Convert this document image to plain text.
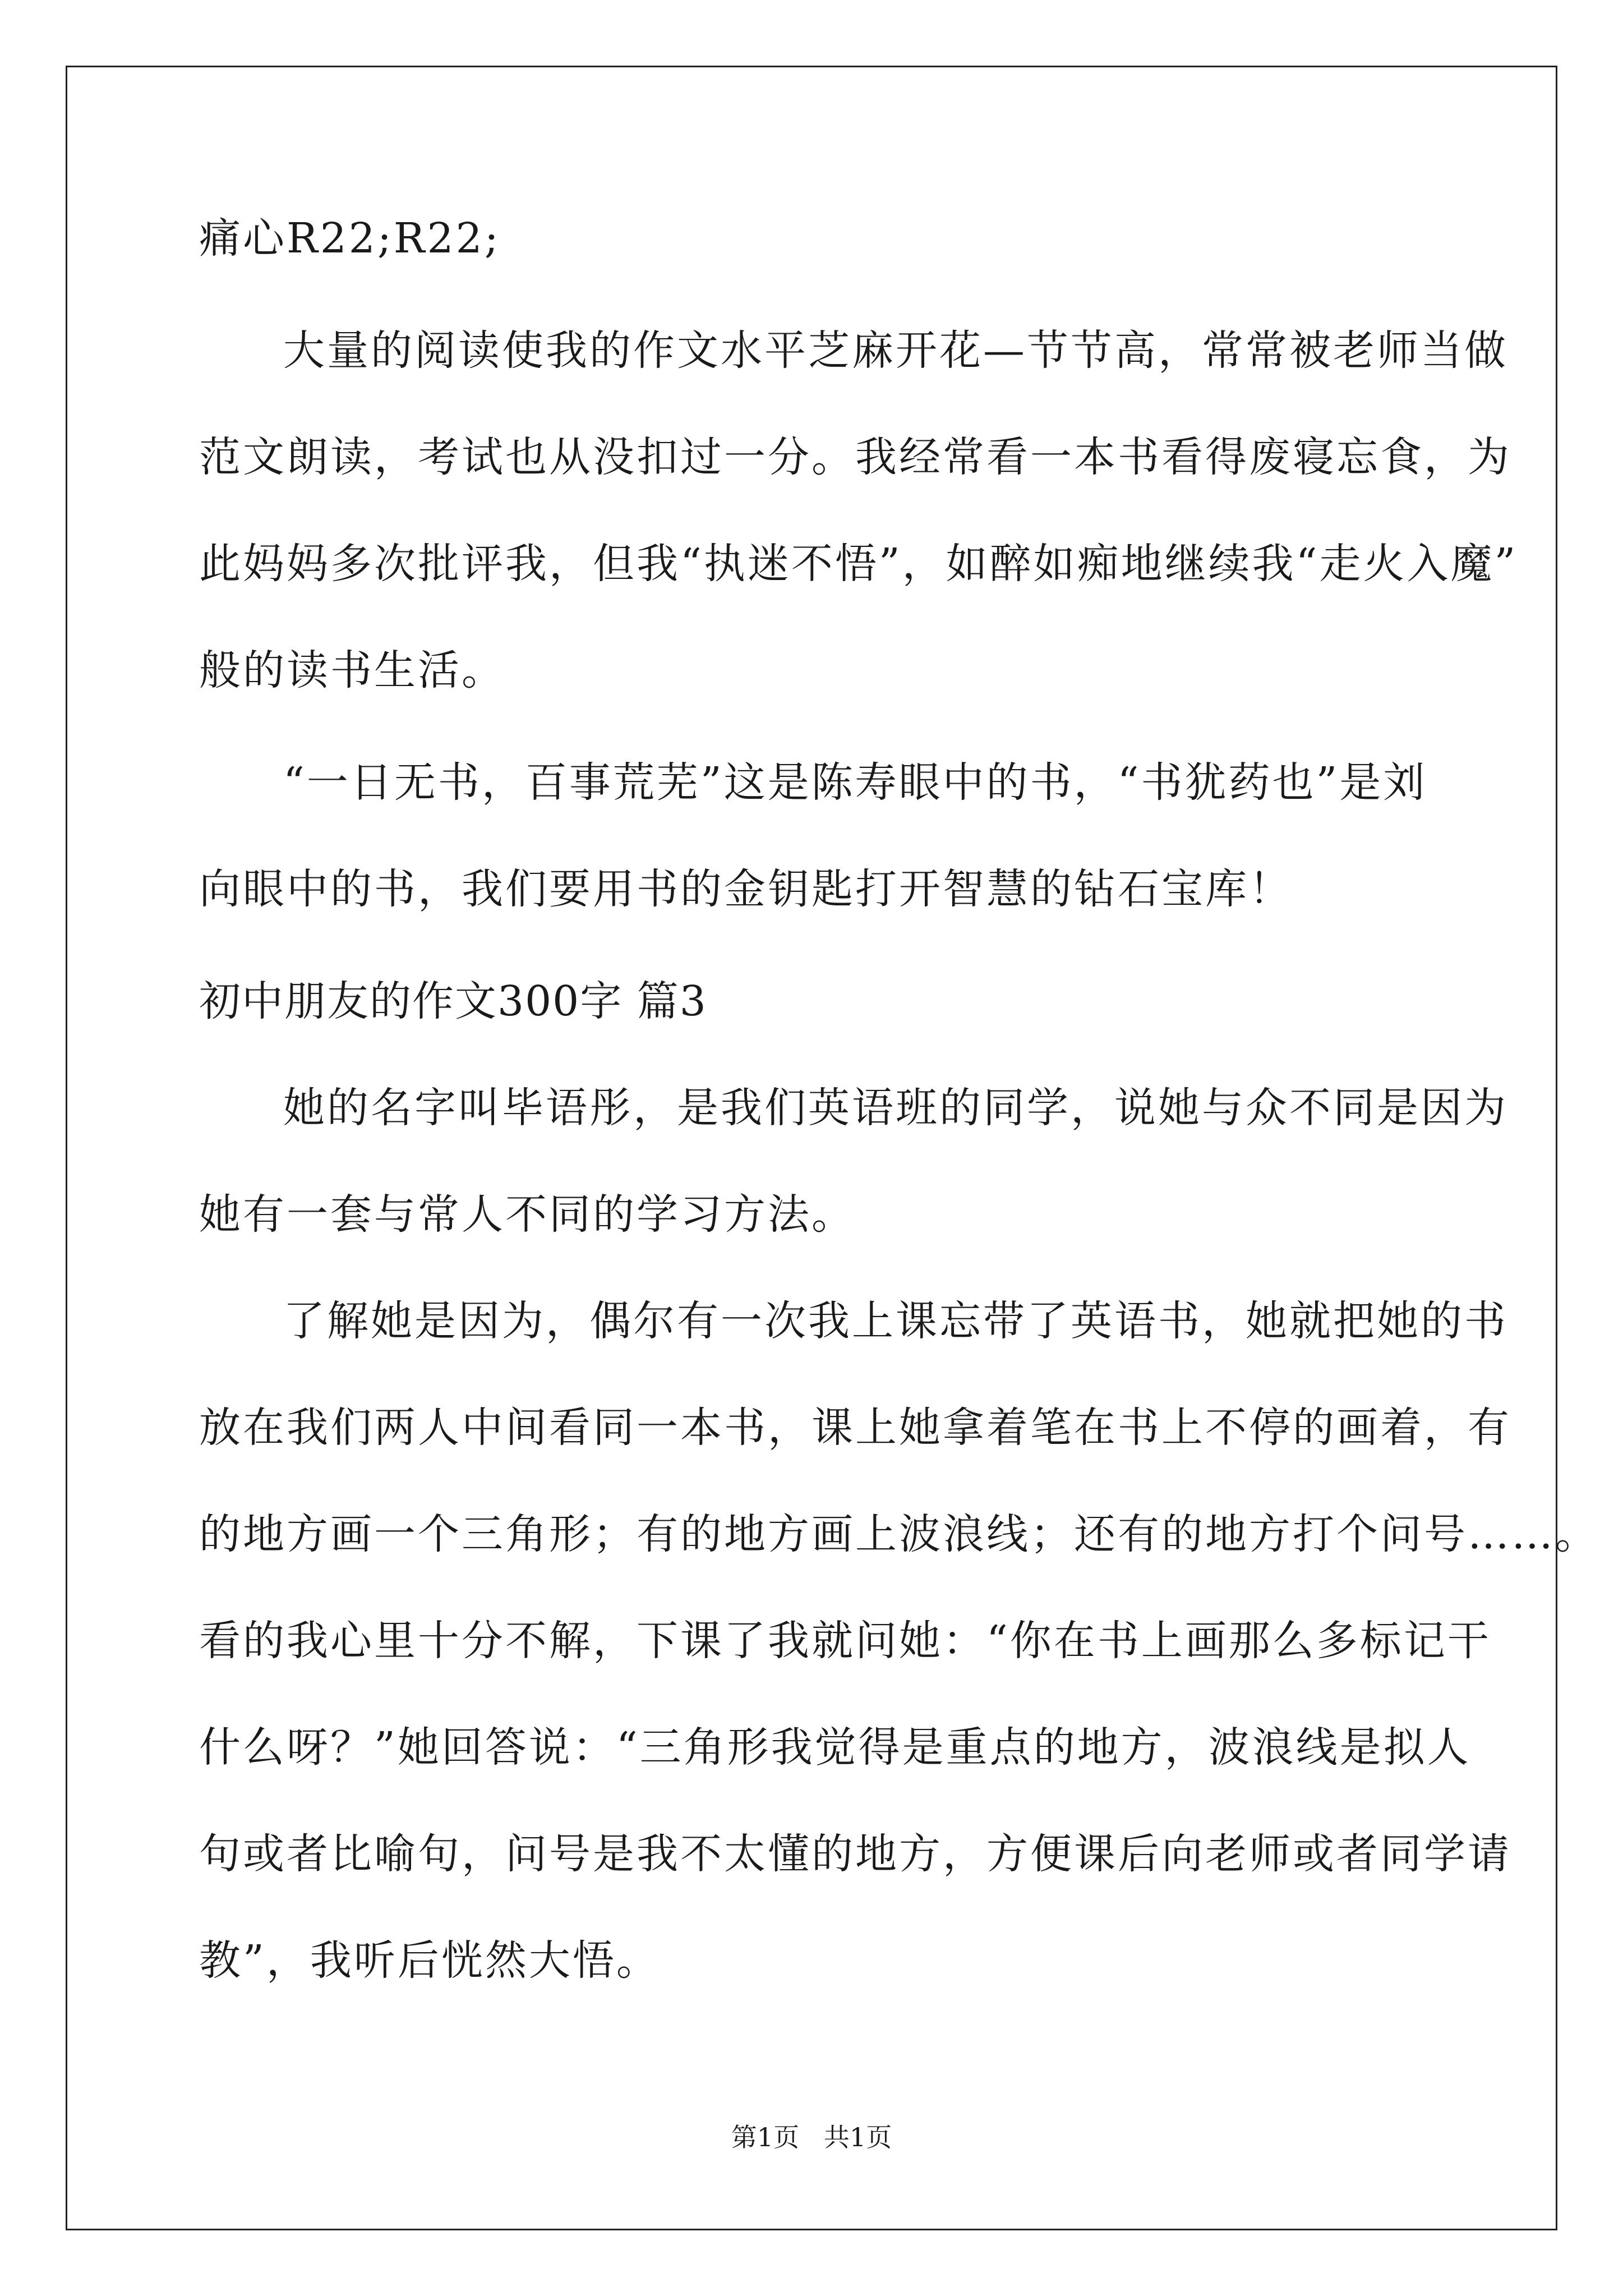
痛心R22;R22;
大量的阅读使我的作文水平芝麻开花—节节高，常常被老师当做
范文朗读，考试也从没扣过一分。我经常看一本书看得废寝忘食，为
此妈妈多次批评我，但我“执迷不悟”，如醉如痴地继续我“走火入魔”
般的读书生活。
“一日无书，百事荒芜”这是陈寿眼中的书，“书犹药也”是刘
向眼中的书，我们要用书的金钥匙打开智慧的钻石宝库！
初中朋友的作文300字 篇3
她的名字叫毕语彤，是我们英语班的同学，说她与众不同是因为
她有一套与常人不同的学习方法。
了解她是因为，偶尔有一次我上课忘带了英语书，她就把她的书
放在我们两人中间看同一本书，课上她拿着笔在书上不停的画着，有
的地方画一个三角形；有的地方画上波浪线；还有的地方打个问号……。
看的我心里十分不解，下课了我就问她：“你在书上画那么多标记干
什么呀？”她回答说：“三角形我觉得是重点的地方，波浪线是拟人
句或者比喻句，问号是我不太懂的地方，方便课后向老师或者同学请
教”，我听后恍然大悟。
第1页   共1页
